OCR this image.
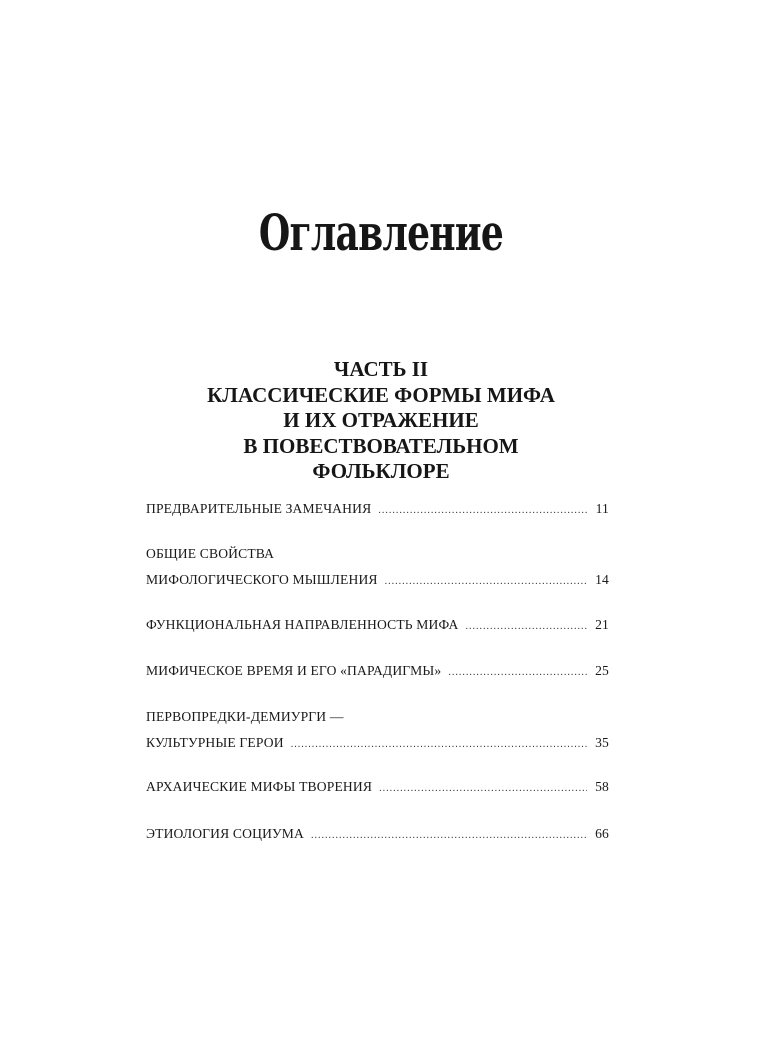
Оглавление
ЧАСТЬ II
КЛАССИЧЕСКИЕ ФОРМЫ МИФА
И ИХ ОТРАЖЕНИЕ
В ПОВЕСТВОВАТЕЛЬНОМ
ФОЛЬКЛОРЕ
ПРЕДВАРИТЕЛЬНЫЕ ЗАМЕЧАНИЯ .....	11
ОБЩИЕ СВОЙСТВА
МИФОЛОГИЧЕСКОГО МЫШЛЕНИЯ .....	14
ФУНКЦИОНАЛЬНАЯ НАПРАВЛЕННОСТЬ МИФА .....	21
МИФИЧЕСКОЕ ВРЕМЯ И ЕГО «ПАРАДИГМЫ» .....	25
ПЕРВОПРЕДКИ-ДЕМИУРГИ —
КУЛЬТУРНЫЕ ГЕРОИ .....	35
АРХАИЧЕСКИЕ МИФЫ ТВОРЕНИЯ .....	58
ЭТИОЛОГИЯ СОЦИУМА .....	66
